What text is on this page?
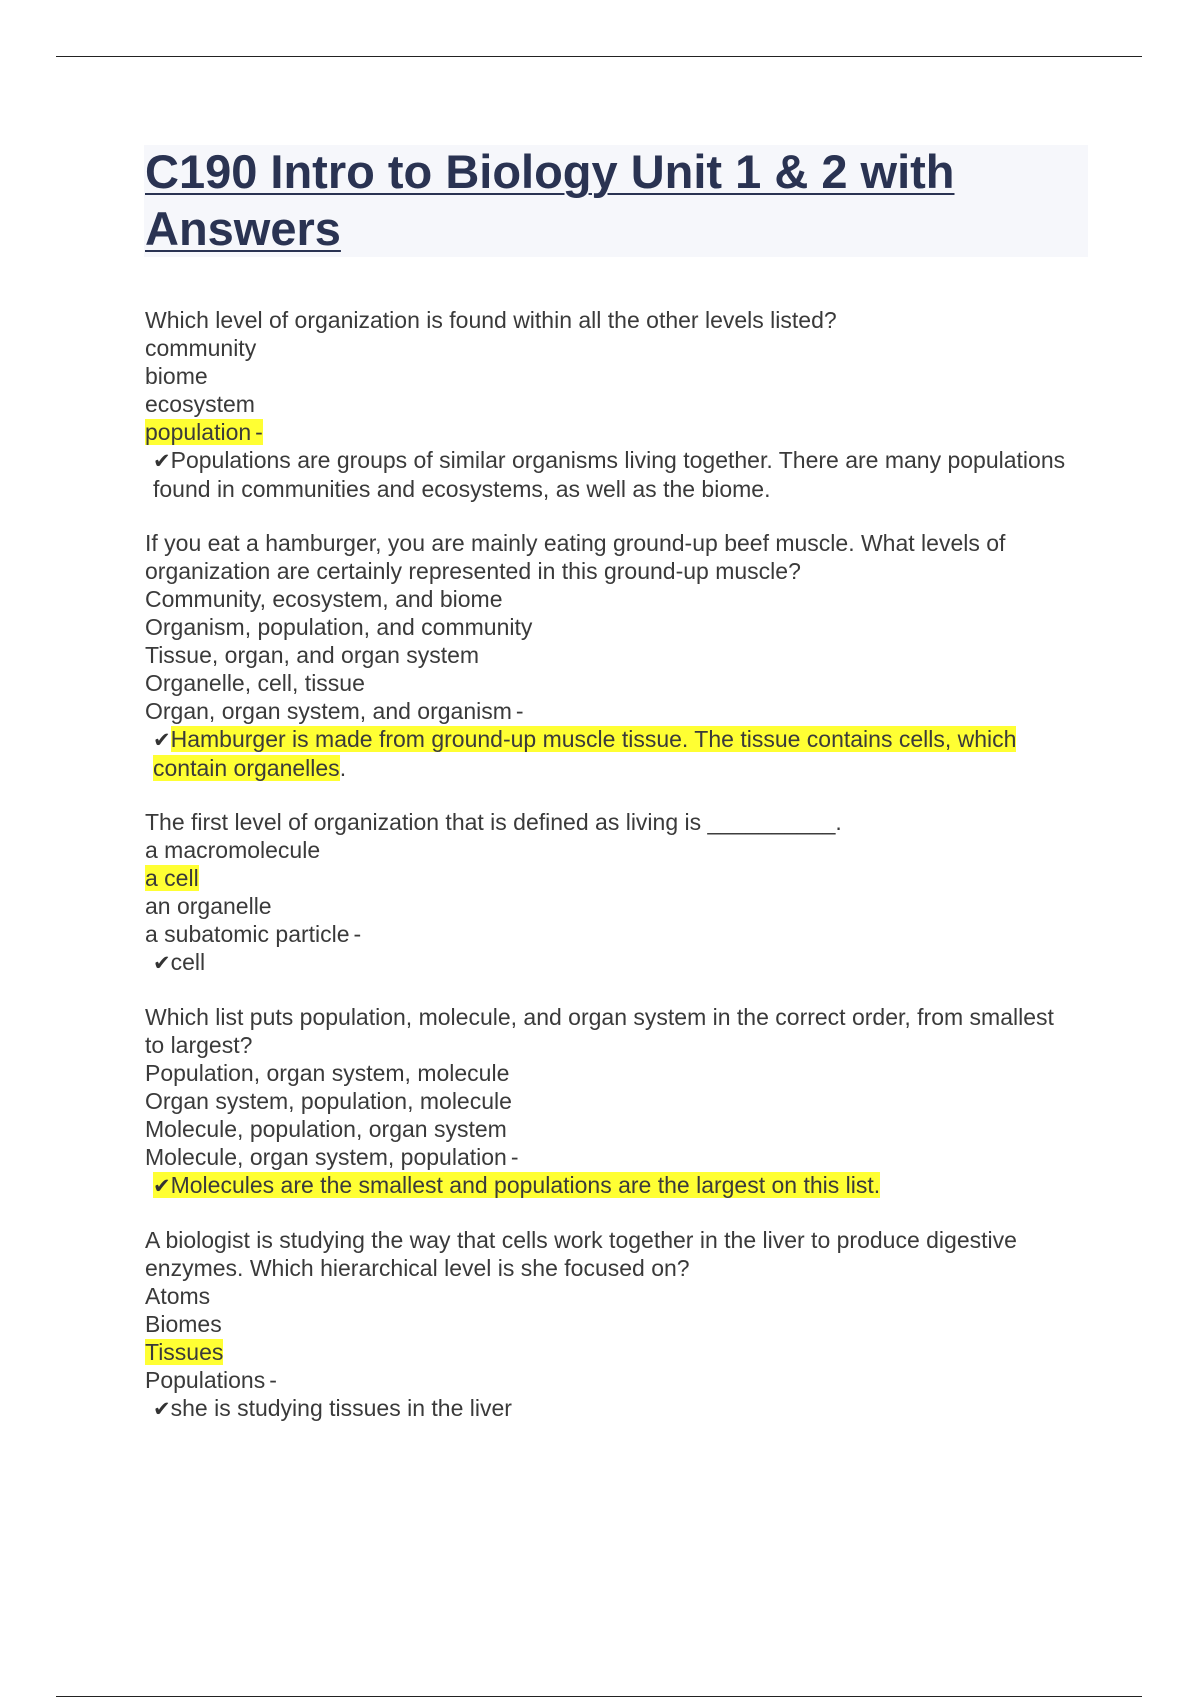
C190 Intro to Biology Unit 1 & 2 with Answers
Which level of organization is found within all the other levels listed?
community
biome
ecosystem
population -
✔Populations are groups of similar organisms living together. There are many populations found in communities and ecosystems, as well as the biome.
If you eat a hamburger, you are mainly eating ground-up beef muscle. What levels of organization are certainly represented in this ground-up muscle?
Community, ecosystem, and biome
Organism, population, and community
Tissue, organ, and organ system
Organelle, cell, tissue
Organ, organ system, and organism -
✔Hamburger is made from ground-up muscle tissue. The tissue contains cells, which contain organelles.
The first level of organization that is defined as living is __________.
a macromolecule
a cell
an organelle
a subatomic particle -
✔cell
Which list puts population, molecule, and organ system in the correct order, from smallest to largest?
Population, organ system, molecule
Organ system, population, molecule
Molecule, population, organ system
Molecule, organ system, population -
✔Molecules are the smallest and populations are the largest on this list.
A biologist is studying the way that cells work together in the liver to produce digestive enzymes. Which hierarchical level is she focused on?
Atoms
Biomes
Tissues
Populations -
✔she is studying tissues in the liver
